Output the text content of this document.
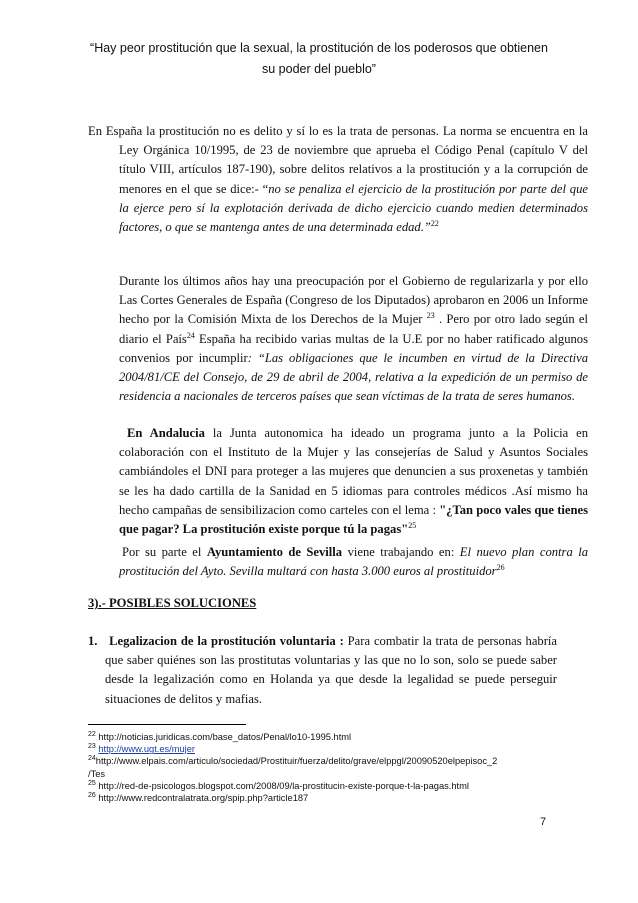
“Hay peor prostitución que la sexual, la prostitución de los poderosos que obtienen
su poder del pueblo”
En España la prostitución no es delito y sí lo es la trata de personas. La norma se encuentra en la Ley Orgánica 10/1995, de 23 de noviembre que aprueba el Código Penal (capítulo V del título VIII, artículos 187-190), sobre delitos relativos a la prostitución y a la corrupción de menores en el que se dice:- “no se penaliza el ejercicio de la prostitución por parte del que la ejerce pero sí la explotación derivada de dicho ejercicio cuando medien determinados factores, o que se mantenga antes de una determinada edad.”$^{22}$
Durante los últimos años hay una preocupación por el Gobierno de regularizarla y por ello Las Cortes Generales de España (Congreso de los Diputados) aprobaron en 2006 un Informe hecho por la Comisión Mixta de los Derechos de la Mujer $^{23}$ . Pero por otro lado según el diario el País$^{24}$ España ha recibido varias multas de la U.E por no haber ratificado algunos convenios por incumplir: “Las obligaciones que le incumben en virtud de la Directiva 2004/81/CE del Consejo, de 29 de abril de 2004, relativa a la expedición de un permiso de residencia a nacionales de terceros países que sean víctimas de la trata de seres humanos.
En Andalucia la Junta autonomica ha ideado un programa junto a la Policia en colaboración con el Instituto de la Mujer y las consejerías de Salud y Asuntos Sociales cambiándoles el DNI para proteger a las mujeres que denuncien a sus proxenetas y también se les ha dado cartilla de la Sanidad en 5 idiomas para controles médicos .Así mismo ha hecho campañas de sensibilizacion como carteles con el lema : "¿Tan poco vales que tienes que pagar? La prostitución existe porque tú la pagas"$^{25}$
Por su parte el Ayuntamiento de Sevilla viene trabajando en: El nuevo plan contra la prostitución del Ayto. Sevilla multará con hasta 3.000 euros al prostituidor$^{26}$
3).- POSIBLES SOLUCIONES
1. Legalizacion de la prostitución voluntaria : Para combatir la trata de personas habría que saber quiénes son las prostitutas voluntarias y las que no lo son, solo se puede saber desde la legalización como en Holanda ya que desde la legalidad se puede perseguir situaciones de delitos y mafias.
$^{22}$ http://noticias.juridicas.com/base_datos/Penal/lo10-1995.html
$^{23}$ http://www.ugt.es/mujer
$^{24}$http://www.elpais.com/articulo/sociedad/Prostituir/fuerza/delito/grave/elppgl/20090520elpepisoc_2
/Tes
$^{25}$ http://red-de-psicologos.blogspot.com/2008/09/la-prostitucin-existe-porque-t-la-pagas.html
$^{26}$ http://www.redcontralatrata.org/spip.php?article187
7
